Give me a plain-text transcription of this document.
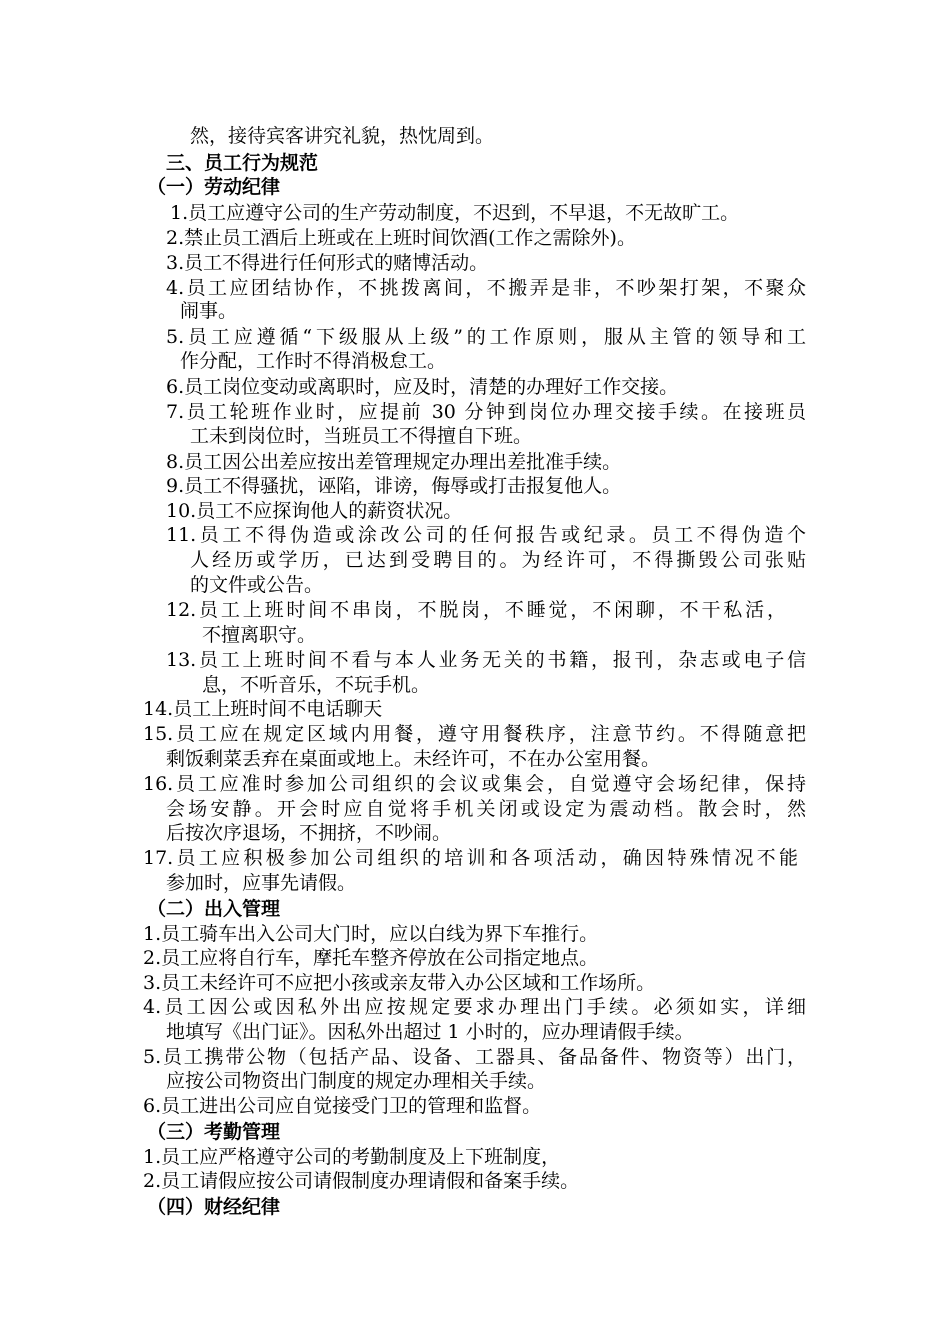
然，接待宾客讲究礼貌，热忱周到。
三、员工行为规范
（一）劳动纪律
1.员工应遵守公司的生产劳动制度，不迟到，不早退，不无故旷工。
2.禁止员工酒后上班或在上班时间饮酒(工作之需除外)。
3.员工不得进行任何形式的赌博活动。
4.员工应团结协作，不挑拨离间，不搬弄是非，不吵架打架，不聚众
闹事。
5.员工应遵循“下级服从上级”的工作原则，服从主管的领导和工
作分配，工作时不得消极怠工。
6.员工岗位变动或离职时，应及时，清楚的办理好工作交接。
7.员工轮班作业时，应提前 30 分钟到岗位办理交接手续。在接班员
工未到岗位时，当班员工不得擅自下班。
8.员工因公出差应按出差管理规定办理出差批准手续。
9.员工不得骚扰，诬陷，诽谤，侮辱或打击报复他人。
10.员工不应探询他人的薪资状况。
11.员工不得伪造或涂改公司的任何报告或纪录。员工不得伪造个
人经历或学历，已达到受聘目的。为经许可，不得撕毁公司张贴
的文件或公告。
12.员工上班时间不串岗，不脱岗，不睡觉，不闲聊，不干私活，
不擅离职守。
13.员工上班时间不看与本人业务无关的书籍，报刊，杂志或电子信
息，不听音乐，不玩手机。
14.员工上班时间不电话聊天
15.员工应在规定区域内用餐，遵守用餐秩序，注意节约。不得随意把
剩饭剩菜丢弃在桌面或地上。未经许可，不在办公室用餐。
16.员工应准时参加公司组织的会议或集会，自觉遵守会场纪律，保持
会场安静。开会时应自觉将手机关闭或设定为震动档。散会时，然
后按次序退场，不拥挤，不吵闹。
17.员工应积极参加公司组织的培训和各项活动，确因特殊情况不能
参加时，应事先请假。
（二）出入管理
1.员工骑车出入公司大门时，应以白线为界下车推行。
2.员工应将自行车，摩托车整齐停放在公司指定地点。
3.员工未经许可不应把小孩或亲友带入办公区域和工作场所。
4.员工因公或因私外出应按规定要求办理出门手续。必须如实，详细
地填写《出门证》。因私外出超过 1 小时的，应办理请假手续。
5.员工携带公物（包括产品、设备、工器具、备品备件、物资等）出门，
应按公司物资出门制度的规定办理相关手续。
6.员工进出公司应自觉接受门卫的管理和监督。
（三）考勤管理
1.员工应严格遵守公司的考勤制度及上下班制度，
2.员工请假应按公司请假制度办理请假和备案手续。
（四）财经纪律
